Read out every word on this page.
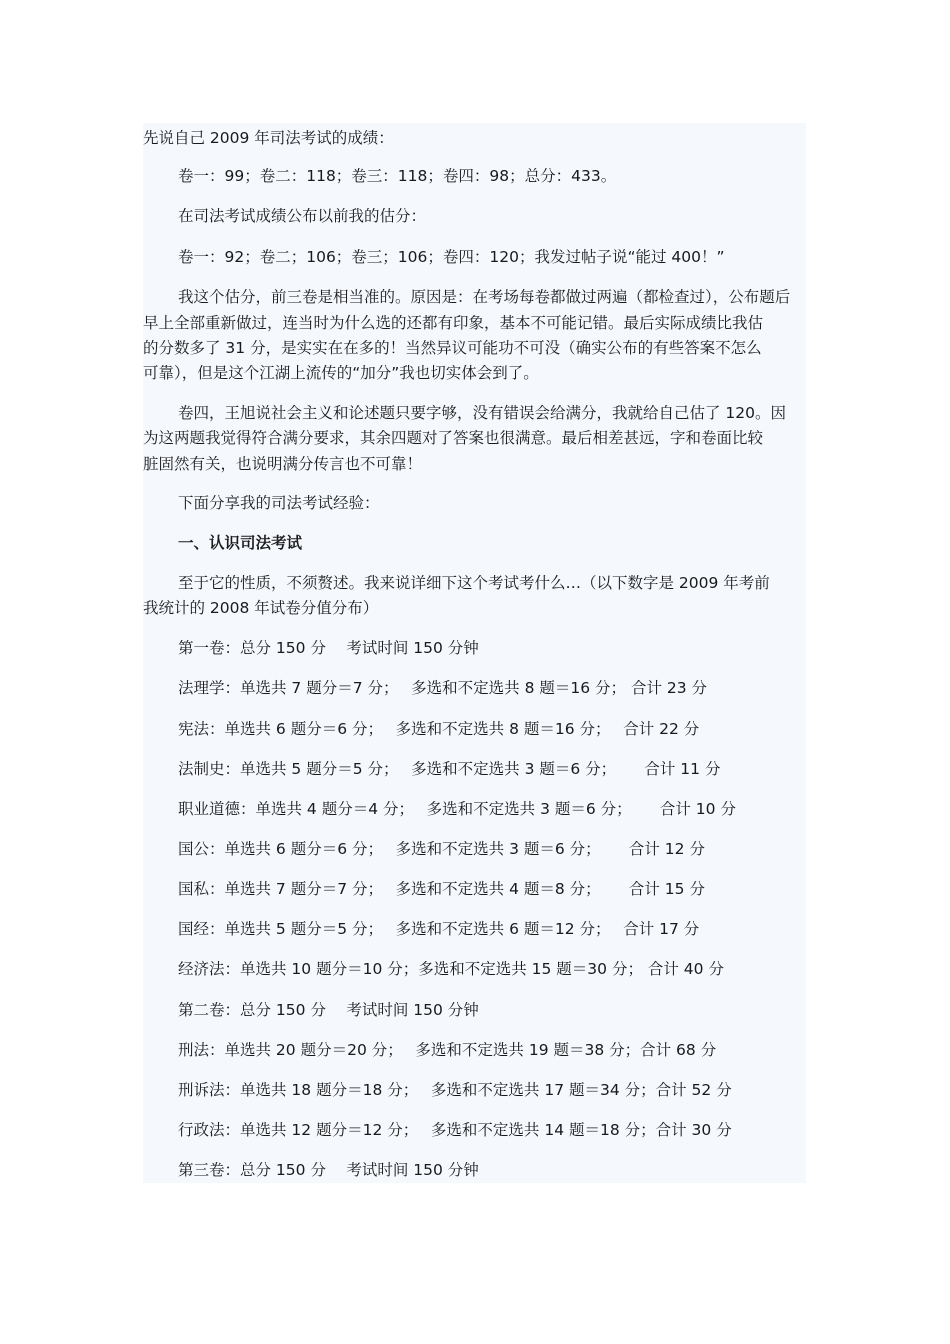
先说自己 2009 年司法考试的成绩：
卷一：99；卷二：118；卷三：118；卷四：98；总分：433。
在司法考试成绩公布以前我的估分：
卷一：92；卷二；106；卷三；106；卷四：120；我发过帖子说“能过 400！”
我这个估分，前三卷是相当准的。原因是：在考场每卷都做过两遍（都检查过），公布题后
早上全部重新做过，连当时为什么选的还都有印象，基本不可能记错。最后实际成绩比我估
的分数多了 31 分，是实实在在多的！当然异议可能功不可没（确实公布的有些答案不怎么
可靠），但是这个江湖上流传的“加分”我也切实体会到了。
卷四，王旭说社会主义和论述题只要字够，没有错误会给满分，我就给自己估了 120。因
为这两题我觉得符合满分要求，其余四题对了答案也很满意。最后相差甚远，字和卷面比较
脏固然有关，也说明满分传言也不可靠！
下面分享我的司法考试经验：
一、认识司法考试
至于它的性质，不须赘述。我来说详细下这个考试考什么…（以下数字是 2009 年考前
我统计的 2008 年试卷分值分布）
第一卷：总分 150 分　 考试时间 150 分钟
法理学：单选共 7 题分＝7 分；　 多选和不定选共 8 题＝16 分； 合计 23 分
宪法：单选共 6 题分＝6 分；　 多选和不定选共 8 题＝16 分；　 合计 22 分
法制史：单选共 5 题分＝5 分；　 多选和不定选共 3 题＝6 分；　　 合计 11 分
职业道德：单选共 4 题分＝4 分；　 多选和不定选共 3 题＝6 分；　　 合计 10 分
国公：单选共 6 题分＝6 分；　 多选和不定选共 3 题＝6 分；　　 合计 12 分
国私：单选共 7 题分＝7 分；　 多选和不定选共 4 题＝8 分；　　 合计 15 分
国经：单选共 5 题分＝5 分；　 多选和不定选共 6 题＝12 分；　 合计 17 分
经济法：单选共 10 题分＝10 分；多选和不定选共 15 题＝30 分； 合计 40 分
第二卷：总分 150 分　 考试时间 150 分钟
刑法：单选共 20 题分＝20 分；　 多选和不定选共 19 题＝38 分；合计 68 分
刑诉法：单选共 18 题分＝18 分；　 多选和不定选共 17 题＝34 分；合计 52 分
行政法：单选共 12 题分＝12 分；　 多选和不定选共 14 题＝18 分；合计 30 分
第三卷：总分 150 分　 考试时间 150 分钟
